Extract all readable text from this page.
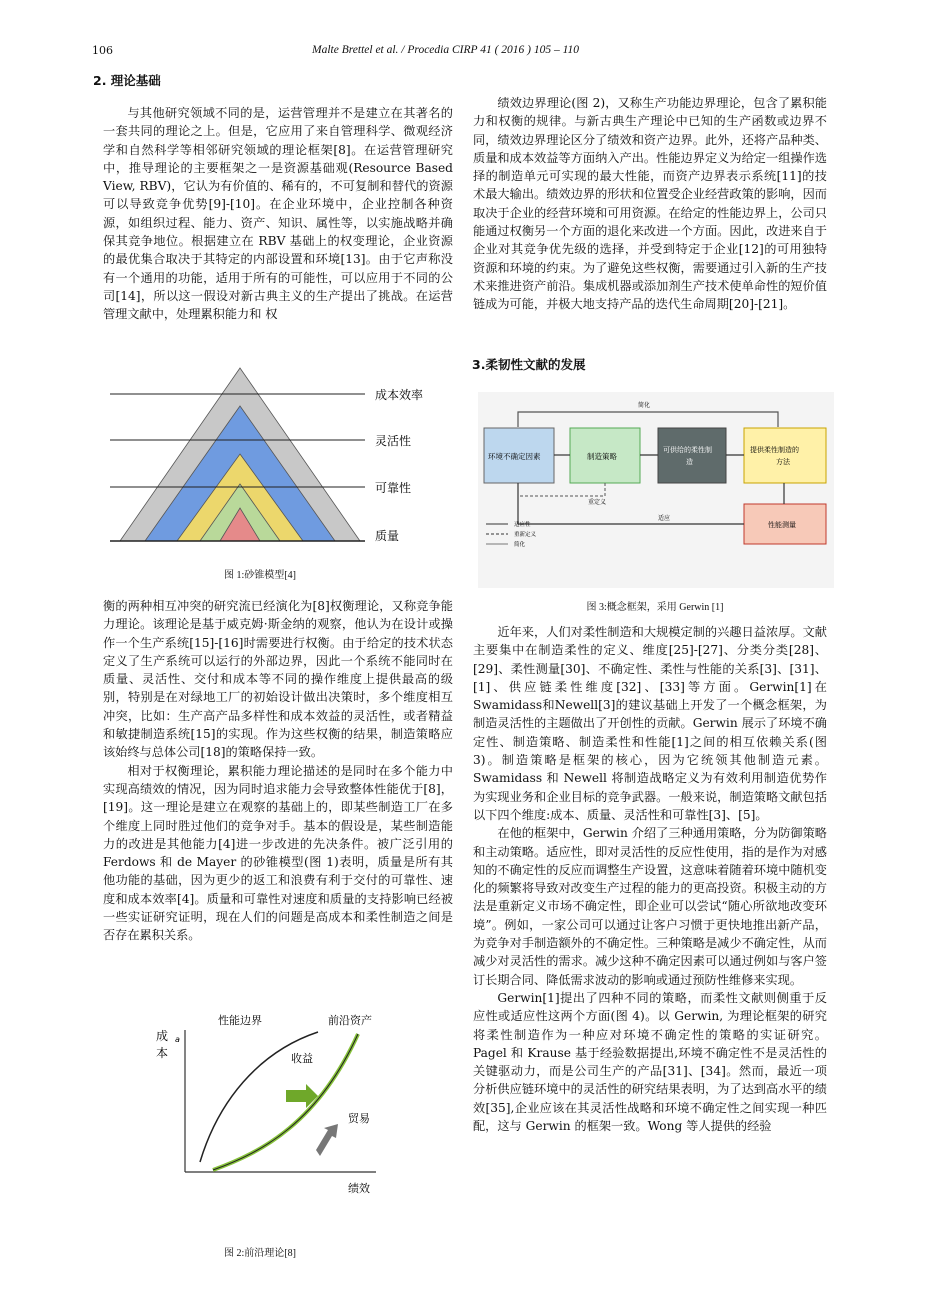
106	Malte Brettel et al. / Procedia CIRP 41 ( 2016 ) 105 – 110
2. 理论基础

与其他研究领域不同的是，运营管理并不是建立在其著名的一套共同的理论之上。但是，它应用了来自管理科学、微观经济学和自然科学等相邻研究领域的理论框架[8]。在运营管理研究中，推导理论的主要框架之一是资源基础观(Resource Based View, RBV)，它认为有价值的、稀有的，不可复制和替代的资源可以导致竞争优势[9]-[10]。在企业环境中，企业控制各种资源，如组织过程、能力、资产、知识、属性等，以实施战略并确保其竞争地位。根据建立在 RBV 基础上的权变理论，企业资源的最优集合取决于其特定的内部设置和环境[13]。由于它声称没有一个通用的功能，适用于所有的可能性，可以应用于不同的公司[14]，所以这一假设对新古典主义的生产提出了挑战。在运营管理文献中，处理累积能力和 权

成本效率
灵活性
可靠性
质量
图 1:砂锥模型[4]

衡的两种相互冲突的研究流已经演化为[8]权衡理论，又称竞争能力理论。该理论是基于威克姆·斯金纳的观察，他认为在设计或操作一个生产系统[15]-[16]时需要进行权衡。由于给定的技术状态定义了生产系统可以运行的外部边界，因此一个系统不能同时在质量、灵活性、交付和成本等不同的操作维度上提供最高的级别，特别是在对绿地工厂的初始设计做出决策时，多个维度相互冲突，比如：生产高产品多样性和成本效益的灵活性，或者精益和敏捷制造系统[15]的实现。作为这些权衡的结果，制造策略应该始终与总体公司[18]的策略保持一致。

相对于权衡理论，累积能力理论描述的是同时在多个能力中实现高绩效的情况，因为同时追求能力会导致整体性能优于[8]，[19]。这一理论是建立在观察的基础上的，即某些制造工厂在多个维度上同时胜过他们的竞争对手。基本的假设是，某些制造能力的改进是其他能力[4]进一步改进的先决条件。被广泛引用的 Ferdows 和 de Mayer 的砂锥模型(图 1)表明，质量是所有其他功能的基础，因为更少的返工和浪费有利于交付的可靠性、速度和成本效率[4]。质量和可靠性对速度和质量的支持影响已经被一些实证研究证明，现在人们的问题是高成本和柔性制造之间是否存在累积关系。

成
本
a
性能边界	前沿资产
收益
贸易
绩效
图 2:前沿理论[8]

绩效边界理论(图 2)，又称生产功能边界理论，包含了累积能力和权衡的规律。与新古典生产理论中已知的生产函数或边界不同，绩效边界理论区分了绩效和资产边界。此外，还将产品种类、质量和成本效益等方面纳入产出。性能边界定义为给定一组操作选择的制造单元可实现的最大性能，而资产边界表示系统[11]的技术最大输出。绩效边界的形状和位置受企业经营政策的影响，因而取决于企业的经营环境和可用资源。在给定的性能边界上，公司只能通过权衡另一个方面的退化来改进一个方面。因此，改进来自于企业对其竞争优先级的选择，并受到特定于企业[12]的可用独特资源和环境的约束。为了避免这些权衡，需要通过引入新的生产技术来推进资产前沿。集成机器或添加剂生产技术使单命性的短价值链成为可能，并极大地支持产品的迭代生命周期[20]-[21]。

3.柔韧性文献的发展
简化
环境不确定因素	制造策略
可供给的柔性制
造
提供柔性制造的
方法
性能测量
重定义
适应
适应性
重新定义
简化
图 3:概念框架，采用 Gerwin [1]

近年来，人们对柔性制造和大规模定制的兴趣日益浓厚。文献主要集中在制造柔性的定义、维度[25]-[27]、分类分类[28]、[29]、柔性测量[30]、不确定性、柔性与性能的关系[3]、[31]、[1]、供应链柔性维度[32]、[33]等方面。Gerwin[1]在Swamidass和Newell[3]的建议基础上开发了一个概念框架，为制造灵活性的主题做出了开创性的贡献。Gerwin 展示了环境不确定性、制造策略、制造柔性和性能[1]之间的相互依赖关系(图 3)。制造策略是框架的核心，因为它统领其他制造元素。Swamidass 和 Newell 将制造战略定义为有效利用制造优势作为实现业务和企业目标的竞争武器。一般来说，制造策略文献包括以下四个维度:成本、质量、灵活性和可靠性[3]、[5]。

在他的框架中，Gerwin 介绍了三种通用策略，分为防御策略和主动策略。适应性，即对灵活性的反应性使用，指的是作为对感知的不确定性的反应而调整生产设置，这意味着随着环境中随机变化的频繁将导致对改变生产过程的能力的更高投资。积极主动的方法是重新定义市场不确定性，即企业可以尝试“随心所欲地改变环境”。例如，一家公司可以通过让客户习惯于更快地推出新产品，为竞争对手制造额外的不确定性。三种策略是减少不确定性，从而减少对灵活性的需求。减少这种不确定因素可以通过例如与客户签订长期合同、降低需求波动的影响或通过预防性维修来实现。

Gerwin[1]提出了四种不同的策略，而柔性文献则侧重于反应性或适应性这两个方面(图 4)。以 Gerwin, 为理论框架的研究将柔性制造作为一种应对环境不确定性的策略的实证研究。 Pagel 和 Krause 基于经验数据提出,环境不确定性不是灵活性的关键驱动力，而是公司生产的产品[31]、[34]。然而，最近一项分析供应链环境中的灵活性的研究结果表明，为了达到高水平的绩效[35],企业应该在其灵活性战略和环境不确定性之间实现一种匹配，这与 Gerwin 的框架一致。Wong 等人提供的经验
